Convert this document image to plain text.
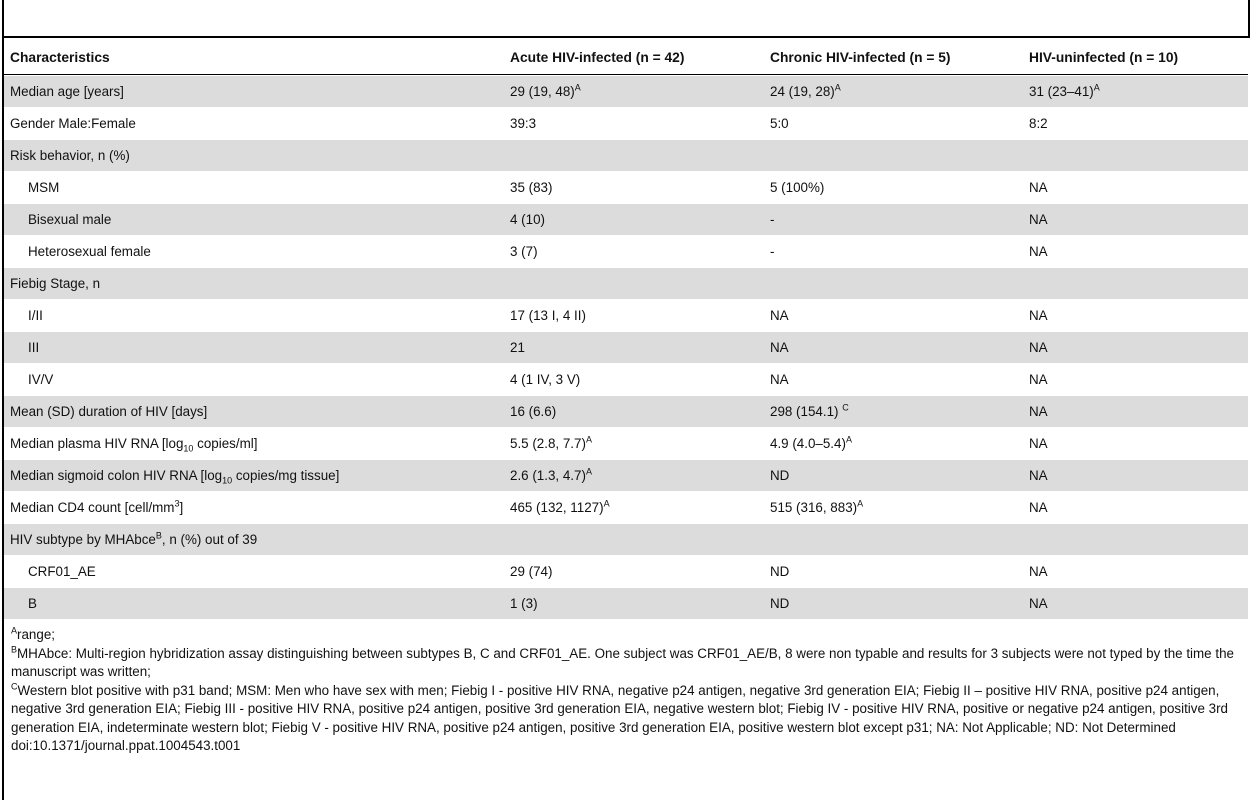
Characteristics	Acute HIV-infected (n = 42)	Chronic HIV-infected (n = 5)	HIV-uninfected (n = 10)
Median age [years]	29 (19, 48)$^A$	24 (19, 28)$^A$	31 $(23-41)^A$
Gender Male:Female	39:3	5:0	8:2
Risk behavior, n (%)			
MSM	35 (83)	5 (100%)	NA
Bisexual male	4 (10)	-	NA
Heterosexual female	3 (7)	-	NA
Fiebig Stage, n			
I/II	17 (13 I, 4 II)	NA	NA
III	21	NA	NA
IV/V	4 (1 IV, 3 V)	NA	NA
Mean (SD) duration of HIV [days]	16 (6.6)	298 (154.1) $^C$	NA
Median plasma HIV RNA [$\log_{10}$ copies/ml]	5.5 (2.8, 7.7)$^A$	4.9 $(4.0-5.4)^A$	NA
Median sigmoid colon HIV RNA [$\log_{10}$ copies/mg tissue]	2.6 (1.3, 4.7)$^A$	ND	NA
Median CD4 count $[cell/mm^3]$	465 (132, 1127)$^A$	515 (316, 883)$^A$	NA
HIV subtype by MHAbce$^B$, n (%) out of 39			
CRF01_AE	29 (74)	ND	NA
B	1 (3)	ND	NA

$^A$range;

$^B$MHAbce: Multi-region hybridization assay distinguishing between subtypes B, C and CRF01_AE. One subject was CRF01_AE/B, 8 were non typable and results for 3 subjects were not typed by the time the manuscript was written;

$^C$Western blot positive with p31 band; MSM: Men who have sex with men; Fiebig I - positive HIV RNA, negative p24 antigen, negative 3rd generation EIA; Fiebig II – positive HIV RNA, positive p24 antigen, negative 3rd generation EIA; Fiebig III - positive HIV RNA, positive p24 antigen, positive 3rd generation EIA, negative western blot; Fiebig IV - positive HIV RNA, positive or negative p24 antigen, positive 3rd generation EIA, indeterminate western blot; Fiebig V - positive HIV RNA, positive p24 antigen, positive 3rd generation EIA, positive western blot except p31; NA: Not Applicable; ND: Not Determined

doi:10.1371/journal.ppat.1004543.t001
